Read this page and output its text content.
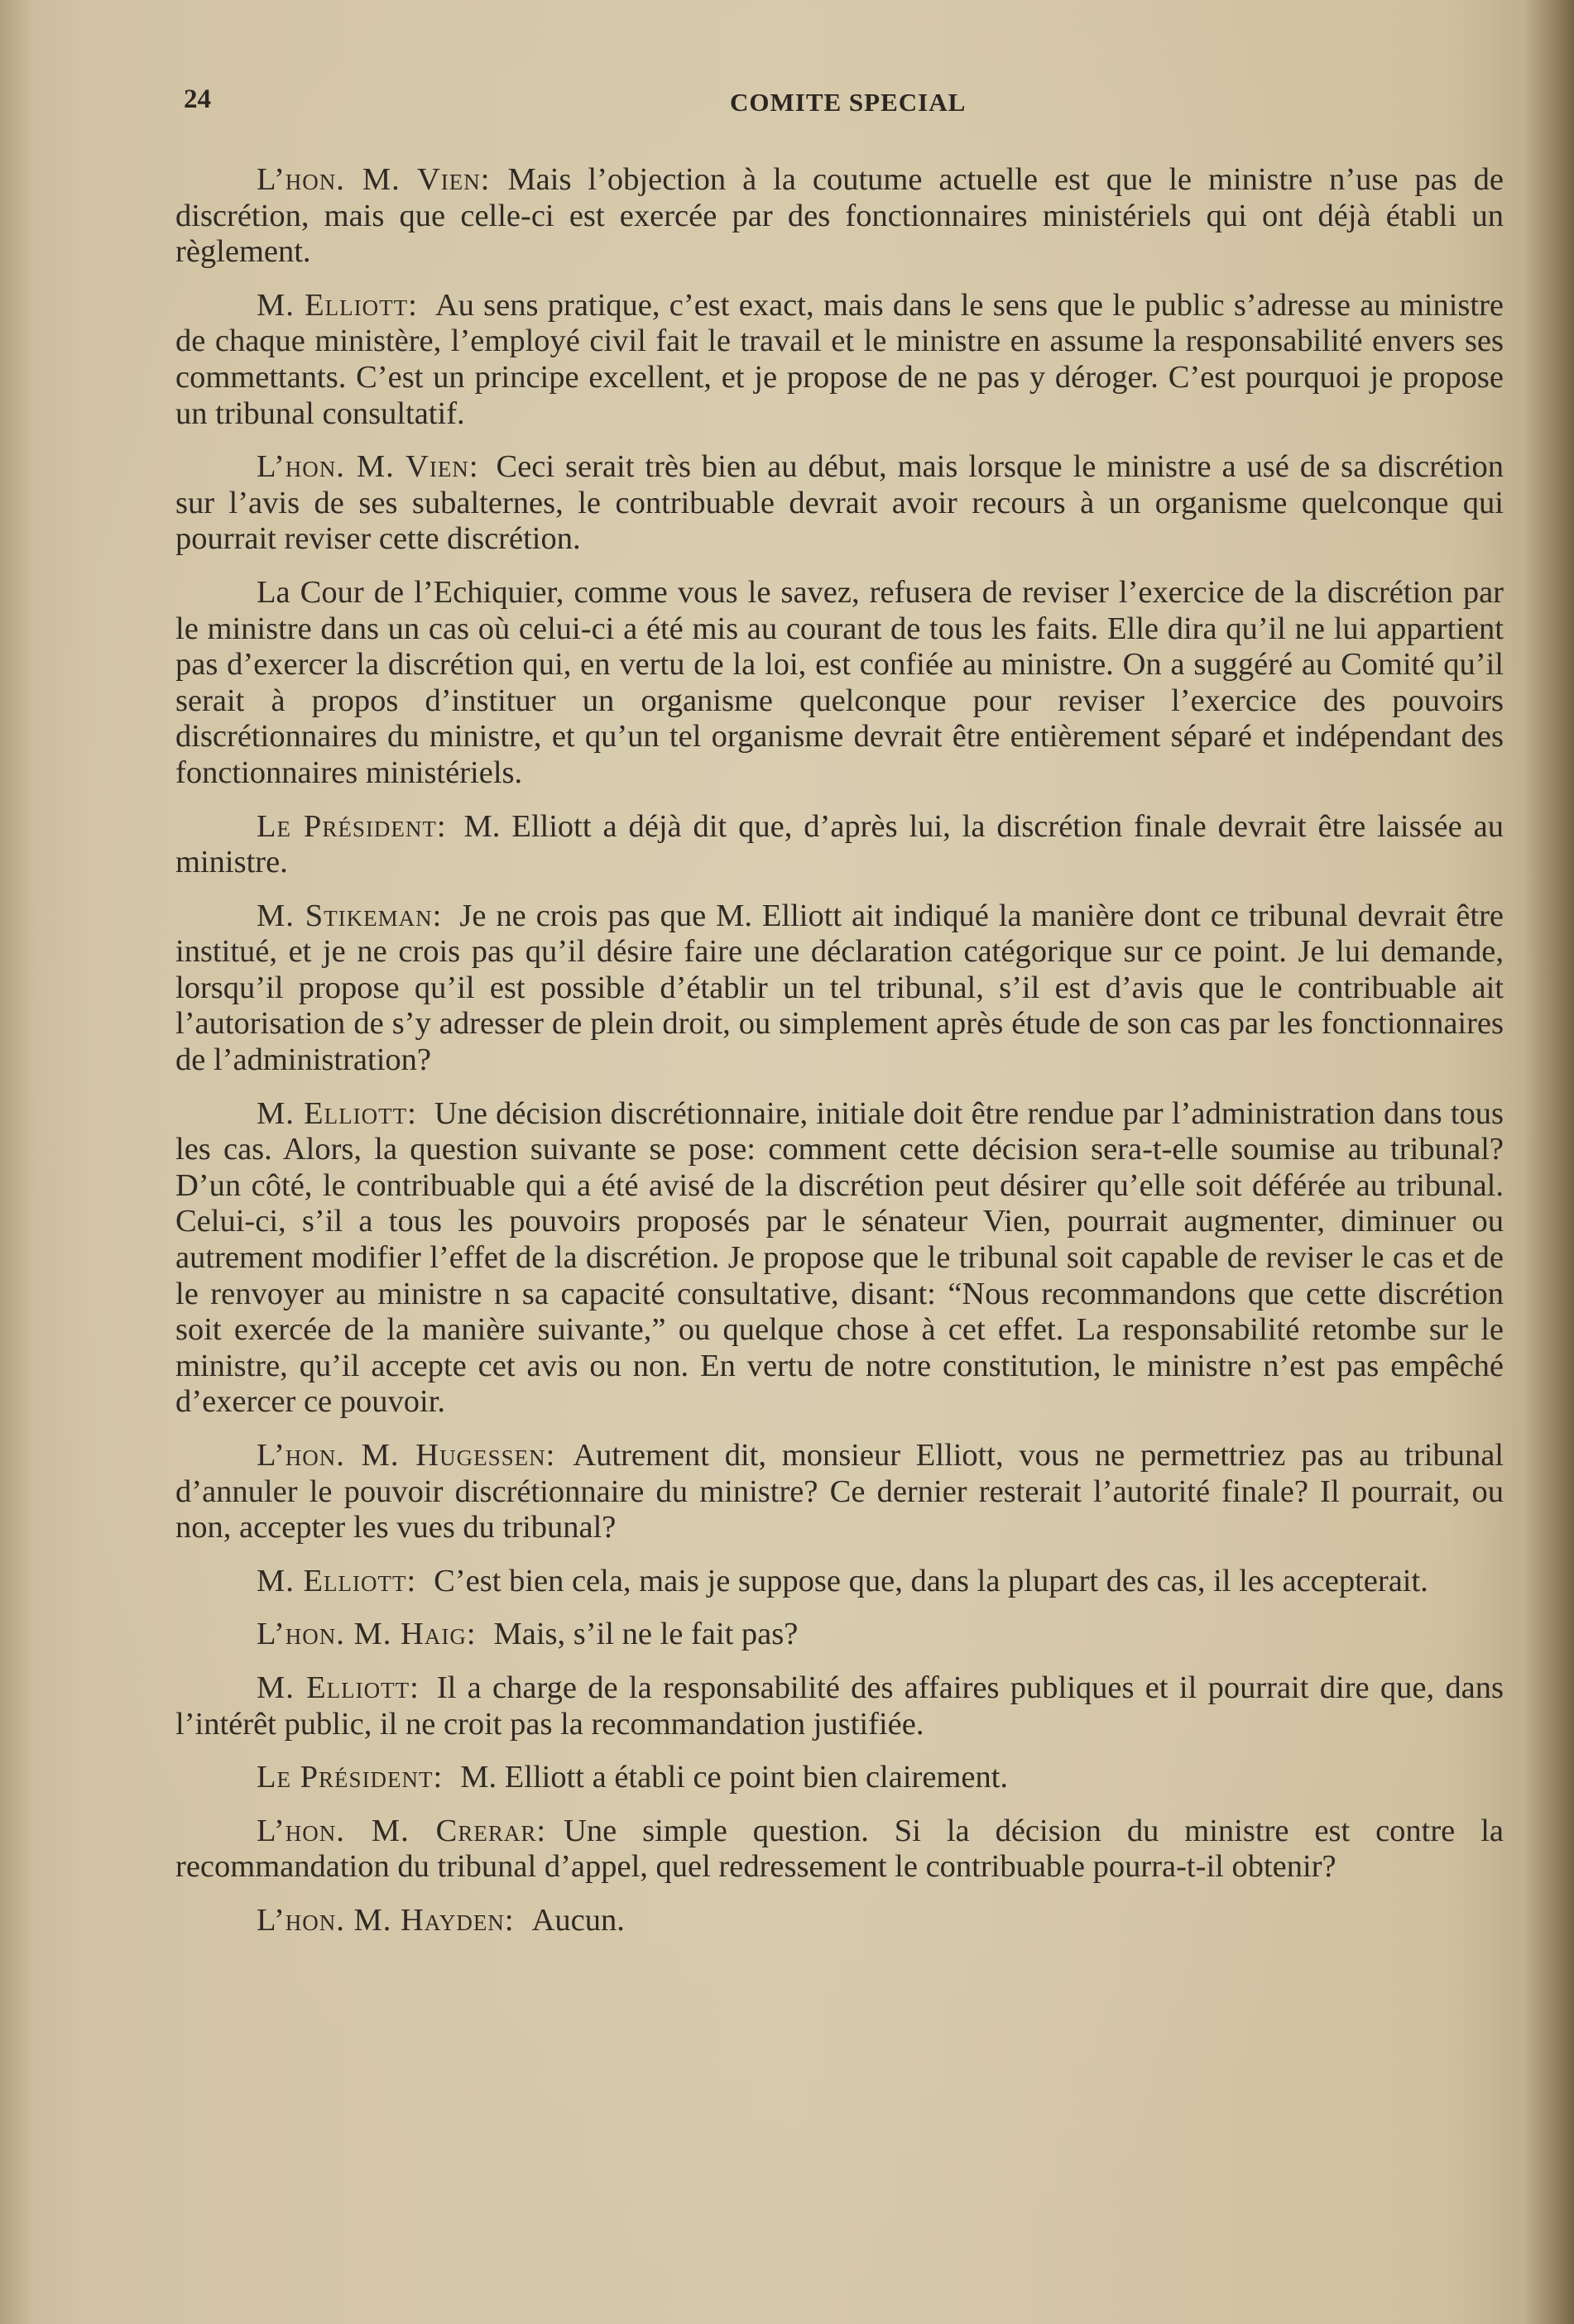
24	COMITE SPECIAL

L’hon. M. Vien: Mais l’objection à la coutume actuelle est que le ministre n’use pas de discrétion, mais que celle-ci est exercée par des fonctionnaires ministériels qui ont déjà établi un règlement.

M. Elliott: Au sens pratique, c’est exact, mais dans le sens que le public s’adresse au ministre de chaque ministère, l’employé civil fait le travail et le ministre en assume la responsabilité envers ses commettants. C’est un principe excellent, et je propose de ne pas y déroger. C’est pourquoi je propose un tribunal consultatif.

L’hon. M. Vien: Ceci serait très bien au début, mais lorsque le ministre a usé de sa discrétion sur l’avis de ses subalternes, le contribuable devrait avoir recours à un organisme quelconque qui pourrait reviser cette discrétion.

La Cour de l’Echiquier, comme vous le savez, refusera de reviser l’exercice de la discrétion par le ministre dans un cas où celui-ci a été mis au courant de tous les faits. Elle dira qu’il ne lui appartient pas d’exercer la discrétion qui, en vertu de la loi, est confiée au ministre. On a suggéré au Comité qu’il serait à propos d’instituer un organisme quelconque pour reviser l’exercice des pouvoirs discrétionnaires du ministre, et qu’un tel organisme devrait être entièrement séparé et indépendant des fonctionnaires ministériels.

Le Président: M. Elliott a déjà dit que, d’après lui, la discrétion finale devrait être laissée au ministre.

M. Stikeman: Je ne crois pas que M. Elliott ait indiqué la manière dont ce tribunal devrait être institué, et je ne crois pas qu’il désire faire une déclaration catégorique sur ce point. Je lui demande, lorsqu’il propose qu’il est possible d’établir un tel tribunal, s’il est d’avis que le contribuable ait l’autorisation de s’y adresser de plein droit, ou simplement après étude de son cas par les fonctionnaires de l’administration?

M. Elliott: Une décision discrétionnaire, initiale doit être rendue par l’administration dans tous les cas. Alors, la question suivante se pose: comment cette décision sera-t-elle soumise au tribunal? D’un côté, le contribuable qui a été avisé de la discrétion peut désirer qu’elle soit déférée au tribunal. Celui-ci, s’il a tous les pouvoirs proposés par le sénateur Vien, pourrait augmenter, diminuer ou autrement modifier l’effet de la discrétion. Je propose que le tribunal soit capable de reviser le cas et de le renvoyer au ministre n sa capacité consultative, disant: “Nous recommandons que cette discrétion soit exercée de la manière suivante,” ou quelque chose à cet effet. La responsabilité retombe sur le ministre, qu’il accepte cet avis ou non. En vertu de notre constitution, le ministre n’est pas empêché d’exercer ce pouvoir.

L’hon. M. Hugessen: Autrement dit, monsieur Elliott, vous ne permettriez pas au tribunal d’annuler le pouvoir discrétionnaire du ministre? Ce dernier resterait l’autorité finale? Il pourrait, ou non, accepter les vues du tribunal?

M. Elliott: C’est bien cela, mais je suppose que, dans la plupart des cas, il les accepterait.

L’hon. M. Haig: Mais, s’il ne le fait pas?

M. Elliott: Il a charge de la responsabilité des affaires publiques et il pourrait dire que, dans l’intérêt public, il ne croit pas la recommandation justifiée.

Le Président: M. Elliott a établi ce point bien clairement.

L’hon. M. Crerar: Une simple question. Si la décision du ministre est contre la recommandation du tribunal d’appel, quel redressement le contribuable pourra-t-il obtenir?

L’hon. M. Hayden: Aucun.
